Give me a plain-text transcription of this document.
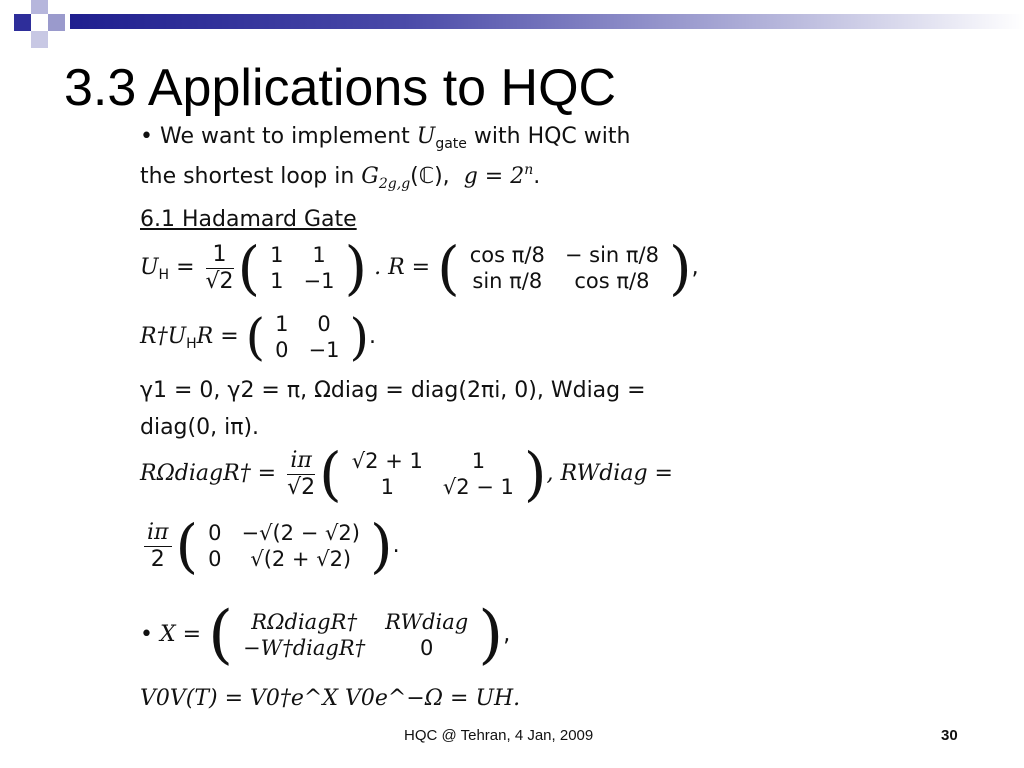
3.3 Applications to HQC
• We want to implement $U_{gate}$ with HQC with
the shortest loop in $G_{2g,g}(ℂ)$, $g = 2^n$.
6.1 Hadamard Gate
$U_H = \frac{1}{√2}$ ( 1	1
1	−1 ) . R = ( cos π/8	− sin π/8
sin π/8	cos π/8 ),
$R\dagger U_HR$ = ( 1	0
0	−1 ).
γ1 = 0, γ2 = π, Ωdiag = diag(2πi, 0), Wdiag =
diag(0, iπ).
RΩdiagR† = $\frac{i\pi}{√2}$ ( √2 + 1	1
1	√2 − 1 ), RWdiag =
$\frac{i\pi}{2}$ ( 0	−√(2 − √2)
0	√(2 + √2) ).
• X = ( RΩdiagR†	RWdiag
−W†diagR†	0 ),
V0V(T) = V0†e^X V0e^−Ω = UH.
HQC @ Tehran, 4 Jan, 2009	30
